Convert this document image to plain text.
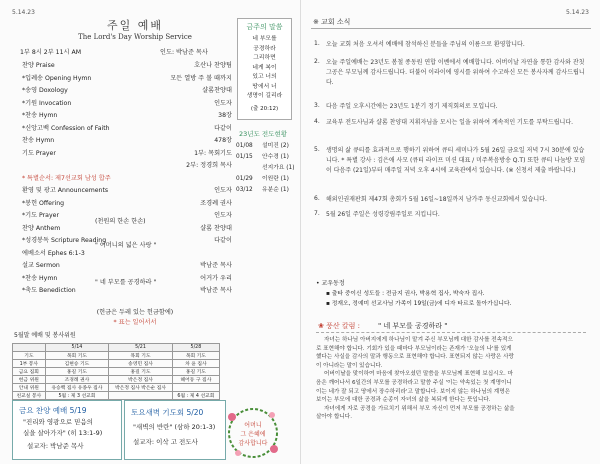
5.14.23
주일 예배
The Lord's Day Worship Service
1부 8시 2부 11시 AM	인도: 박남준 목사
찬양 Praise	호산나 찬양팀
*입례송 Opening Hymn	모든 열방 주 볼 때까지
*송영 Doxology	샬롬찬양대
*기원 Invocation	인도자
*찬송 Hymn	38장
*신앙고백 Confession of Faith	다같이
찬송 Hymn	478장
기도 Prayer	1부: 목회기도
2부: 정경희 목사
* 특별순서: 제7선교회 남성 합주
환영 및 광고 Announcements	인도자
*봉헌 Offering	조경례 권사
*기도 Prayer	인도자
찬양 Anthem	샬롬 찬양대
*성경봉독 Scripture Reading	다같이
에베소서 Ephes 6:1-3
설교 Sermon	박남준 목사
*찬송 Hymn	어거가 우리
*축도 Benediction	박남준 목사
(천원의 한손 한손)
" 어머니의 넓은 사랑 "
" 네 부모를 공경하라 "
(헌금은 두레 있는 헌금함에)
* 표는 일어서서
금주의 말씀
네 부모를
공경하라
그리하면
네게 복이
있고 너의
땅에서 너
생명이 길리라
(출 20:12)
23년도 전도현황
01/08 설미진 (2)
01/15 안수경 (1)
선지가요 (1)
01/29 이원란 (1)
03/12 유분순 (1)
5월말 예배 및 봉사위원
	5/14	5/21	5/28
기도	목회 기도	목회 기도	목회 기도
1부 봉사	김현승 기도	송영민 집사	차 윤 집사
금요 집회	홍길 기도	홍길 기도	홍길 기도
헌금 위원	조경례 권사	박은정 집사	헤어동 구 집사
안내 위원	유승백 집사 유종우 집사	박은정 집사 박은순 집사	
친교실 봉사	5월 : 제 3 선교회		6월 : 제 4 선교회
금요 찬양 예배 5/19
"진리와 영광으로 믿음의
실을 살아가자" (히 13:1-9)
설교자: 박남준 목사
토요새벽 기도회 5/20
"새벽의 반란" (삼하 20:1-3)
설교자: 이삭 고 전도사
5.14.23
※ 교회 소식
1. 오늘 교회 처음 오셔서 예배에 참석하신 분들을 주님의 이름으로 환영합니다.
2. 오늘 주일예배는 23년도 봄철 종동원 연합 이벤에서 예배합니다. 어버이날 자연을 통한 감사와 잔칫 그공은 부모님께 감사드립니다. 더불어 이라이에 영시를 위하여 수고하신 모든 봉사자께 감사드립니다.
3. 다음 주일 오후시간에는 23년도 1분기 정기 제직회의로 모입니다.
4. 교육부 전도사님과 샬롬 찬양대 지휘자님을 모시는 일을 위하여 계속적인 기도를 부탁드립니다.
5. 생명의 삶 큐티를 효과적으로 행하기 위하여 큐티 세미나가 5월 26일 금요일 저녁 7시 30분에 있습니다. * 특별 강사 : 김은애 사모 (큐티 라이프 미션 대표 / 미주복음방송 Q.T) 또한 큐티 나눔방 모임이 다음주 (21일)부터 매주일 저녁 오후 4시에 교육관에서 있습니다. (※ 신청서 제출 바랍니다.)
6. 해외인권재판회 제47회 총회가 5월 16일~18일까지 남가주 동신교회에서 있습니다.
7. 5월 26일 주일은 성령강림주일로 지킵니다.
• 교우동정
▪ 출타 중이신 성도들 : 전금지 권사, 박용혁 집사, 박숙자 집사.
▪ 정재오, 정예미 선교사님 가족이 19일(금)에 디자 타르로 돌아가십니다.
❀ 풍산 칼럼 :	" 네 부모를 공경하라 "
자녀는 하나님 아버지에게 하나님이 맡겨 주신 부모님께 대한 감사를 전속적으로 표현해야 합니다. 기회가 있을 때마다 부모님이라는 존재가 '오늘의 나'를 있게 했다는 사실을 감사의 말과 행동으로 표현해야 합니다. 표현되지 않는 사랑은 사랑이 아니라는 말이 있습니다.
어버이날을 맞이하여 마음에 찾아오셨던 말씀을 부모님께 표현해 보십시오. 마음은 깨어나서 6일간의 부모를 공경하라고 말씀 주실 '이는 약속있는 첫 계명이니 이는 네가 잘 되고 땅에서 장수하리라'고 말합니다. 보이지 않는 하나님의 계명은 보이는 부모에 대한 공경과 순종이 자녀의 삶을 복되게 한다는 뜻입니다.
자녀에게 자로 공경을 가르치기 위해서 부모 자신이 먼저 부모를 공경하는 삶을 살아야 합니다.
어머니
그 은혜에
감사합니다
